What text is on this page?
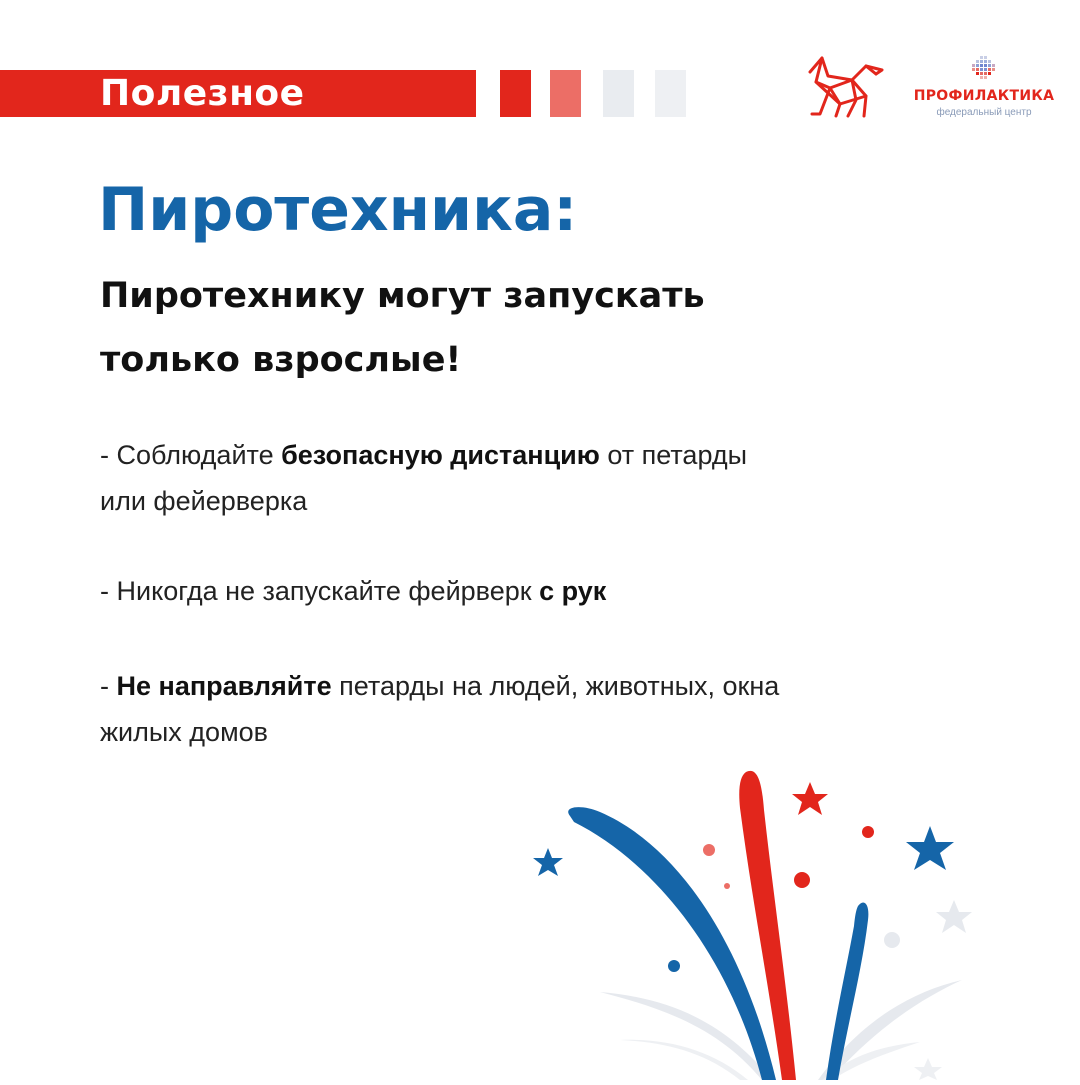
Полезное	ПРОФИЛАКТИКА
федеральный центр
Пиротехника:
Пиротехнику могут запускать
только взрослые!
- Соблюдайте безопасную дистанцию от петарды
или фейерверка
- Никогда не запускайте фейрверк с рук
- Не направляйте петарды на людей, животных, окна
жилых домов
